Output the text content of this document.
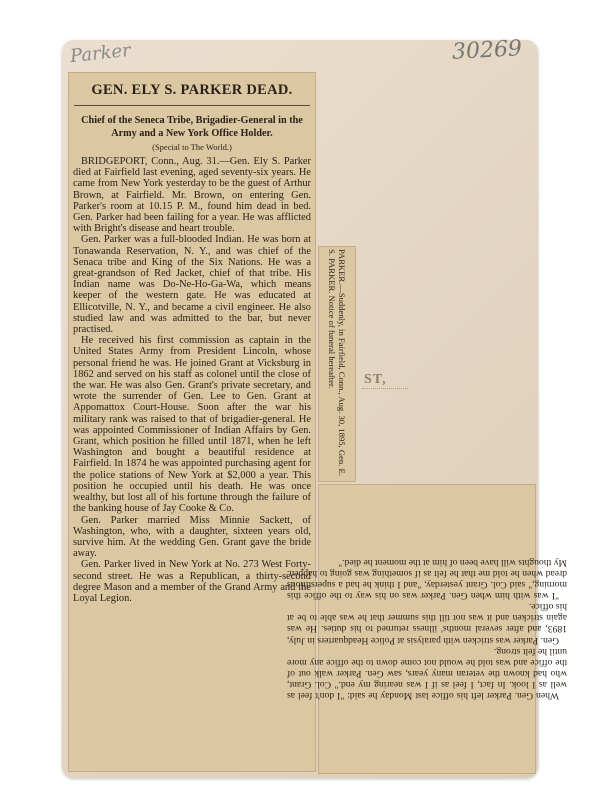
Parker	30269
ST,
GEN. ELY S. PARKER DEAD.
Chief of the Seneca Tribe, Brigadier-General in the Army and a New York Office Holder.
(Special to The World.)

BRIDGEPORT, Conn., Aug. 31.—Gen. Ely S. Parker died at Fairfield last evening, aged seventy-six years. He came from New York yesterday to be the guest of Arthur Brown, at Fairfield. Mr. Brown, on entering Gen. Parker's room at 10.15 P. M., found him dead in bed. Gen. Parker had been failing for a year. He was afflicted with Bright's disease and heart trouble.

Gen. Parker was a full-blooded Indian. He was born at Tonawanda Reservation, N. Y., and was chief of the Senaca tribe and King of the Six Nations. He was a great-grandson of Red Jacket, chief of that tribe. His Indian name was Do-Ne-Ho-Ga-Wa, which means keeper of the western gate. He was educated at Ellicotville, N. Y., and became a civil engineer. He also studied law and was admitted to the bar, but never practised.

He received his first commission as captain in the United States Army from President Lincoln, whose personal friend he was. He joined Grant at Vicksburg in 1862 and served on his staff as colonel until the close of the war. He was also Gen. Grant's private secretary, and wrote the surrender of Gen. Lee to Gen. Grant at Appomattox Court-House. Soon after the war his military rank was raised to that of brigadier-general. He was appointed Commissioner of Indian Affairs by Gen. Grant, which position he filled until 1871, when he left Washington and bought a beautiful residence at Fairfield. In 1874 he was appointed purchasing agent for the police stations of New York at $2,000 a year. This position he occupied until his death. He was once wealthy, but lost all of his fortune through the failure of the banking house of Jay Cooke & Co.

Gen. Parker married Miss Minnie Sackett, of Washington, who, with a daughter, sixteen years old, survive him. At the wedding Gen. Grant gave the bride away.

Gen. Parker lived in New York at No. 273 West Forty-second street. He was a Republican, a thirty-second degree Mason and a member of the Grand Army and the Loyal Legion.

PARKER.—Suddenly, in Fairfield, Conn., Aug. 30, 1895, Gen. E. S. PARKER. Notice of funeral hereafter.

When Gen. Parker left his office last Monday he said: "I don't feel as well as I look. In fact, I feel as if I was nearing my end." Col. Grant, who had known the veteran many years, saw Gen. Parker walk out of the office and was told he would not come down to the office any more until he felt strong.

Gen. Parker was stricken with paralysis at Police Headquarters in July, 1893, and after several months' illness returned to his duties. He was again stricken and it was not till this summer that he was able to be at his office.

"I was with him when Gen. Parker was on his way to the office this morning," said Col. Grant yesterday, "and I think he had a superstitious dread when he told me that he felt as if something was going to happen. My thoughts will have been of him at the moment he died."
